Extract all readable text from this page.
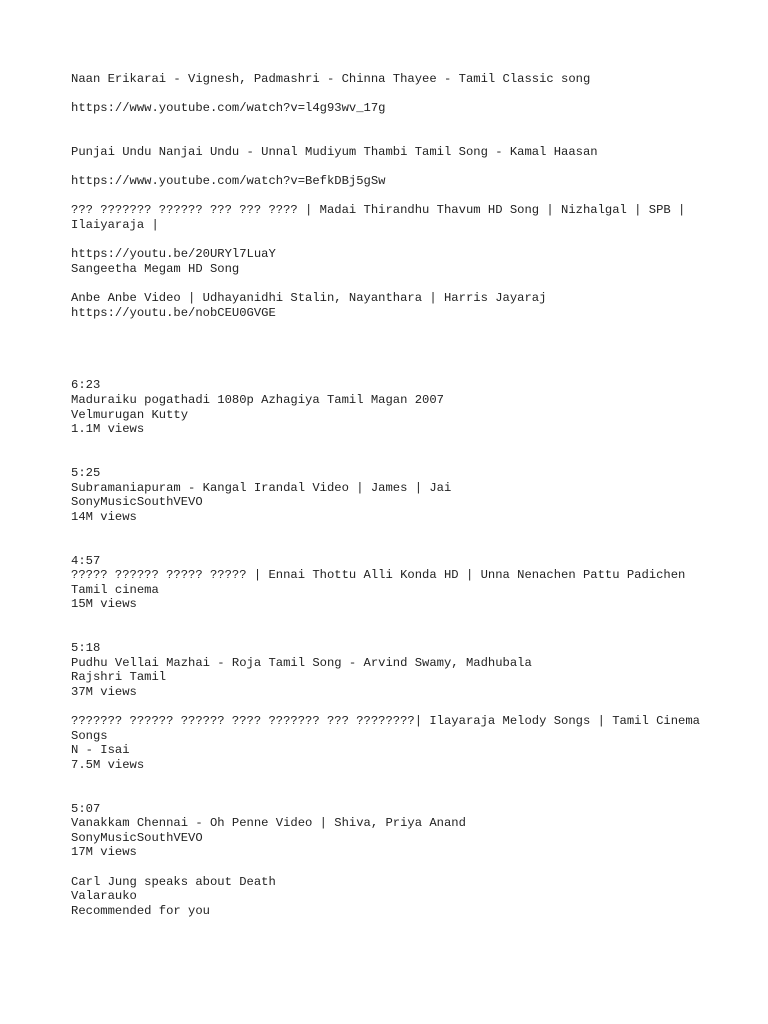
Naan Erikarai - Vignesh, Padmashri - Chinna Thayee - Tamil Classic song
https://www.youtube.com/watch?v=l4g93wv_17g
Punjai Undu Nanjai Undu - Unnal Mudiyum Thambi Tamil Song - Kamal Haasan
https://www.youtube.com/watch?v=BefkDBj5gSw
??? ??????? ?????? ??? ??? ???? | Madai Thirandhu Thavum HD Song | Nizhalgal | SPB | Ilaiyaraja |
https://youtu.be/20URYl7LuaY
Sangeetha Megam HD Song
Anbe Anbe Video | Udhayanidhi Stalin, Nayanthara | Harris Jayaraj
https://youtu.be/nobCEU0GVGE
6:23
Maduraiku pogathadi 1080p Azhagiya Tamil Magan 2007
Velmurugan Kutty
1.1M views
5:25
Subramaniapuram - Kangal Irandal Video | James | Jai
SonyMusicSouthVEVO
14M views
4:57
????? ?????? ????? ????? | Ennai Thottu Alli Konda HD | Unna Nenachen Pattu Padichen
Tamil cinema
15M views
5:18
Pudhu Vellai Mazhai - Roja Tamil Song - Arvind Swamy, Madhubala
Rajshri Tamil
37M views
??????? ?????? ?????? ???? ??????? ??? ????????| Ilayaraja Melody Songs | Tamil Cinema Songs
N - Isai
7.5M views
5:07
Vanakkam Chennai - Oh Penne Video | Shiva, Priya Anand
SonyMusicSouthVEVO
17M views
Carl Jung speaks about Death
Valarauko
Recommended for you
